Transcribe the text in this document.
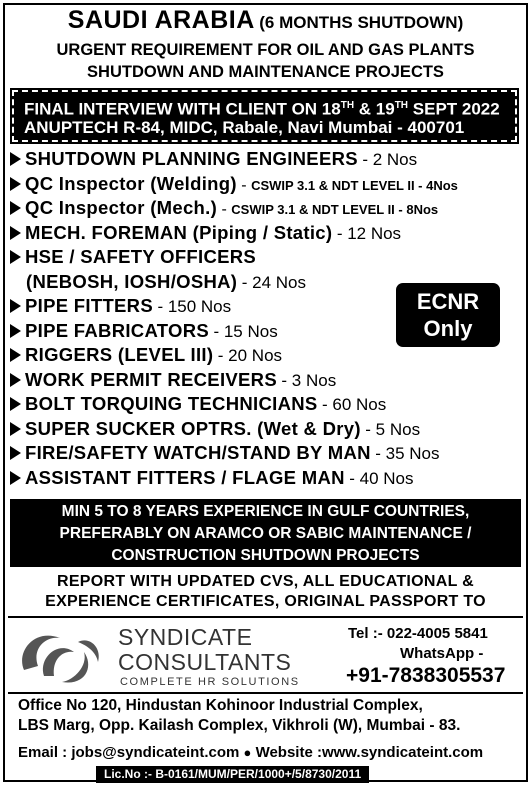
SAUDI ARABIA (6 MONTHS SHUTDOWN)
URGENT REQUIREMENT FOR OIL AND GAS PLANTS
SHUTDOWN AND MAINTENANCE PROJECTS
FINAL INTERVIEW WITH CLIENT ON 18TH & 19TH SEPT 2022
ANUPTECH R-84, MIDC, Rabale, Navi Mumbai - 400701
SHUTDOWN PLANNING ENGINEERS - 2 Nos
QC Inspector (Welding) - CSWIP 3.1 & NDT LEVEL II - 4Nos
QC Inspector (Mech.) - CSWIP 3.1 & NDT LEVEL II - 8Nos
MECH. FOREMAN (Piping / Static) - 12 Nos
HSE / SAFETY OFFICERS
(NEBOSH, IOSH/OSHA) - 24 Nos
PIPE FITTERS - 150 Nos
PIPE FABRICATORS - 15 Nos
RIGGERS (LEVEL III) - 20 Nos
WORK PERMIT RECEIVERS - 3 Nos
BOLT TORQUING TECHNICIANS - 60 Nos
SUPER SUCKER OPTRS. (Wet & Dry) - 5 Nos
FIRE/SAFETY WATCH/STAND BY MAN - 35 Nos
ASSISTANT FITTERS / FLAGE MAN - 40 Nos
ECNR
Only
MIN 5 TO 8 YEARS EXPERIENCE IN GULF COUNTRIES,
PREFERABLY ON ARAMCO OR SABIC MAINTENANCE /
CONSTRUCTION SHUTDOWN PROJECTS
REPORT WITH UPDATED CVS, ALL EDUCATIONAL &
EXPERIENCE CERTIFICATES, ORIGINAL PASSPORT TO
SYNDICATE
CONSULTANTS
COMPLETE HR SOLUTIONS
Tel :- 022-4005 5841
WhatsApp -
+91-7838305537
Office No 120, Hindustan Kohinoor Industrial Complex,
LBS Marg, Opp. Kailash Complex, Vikhroli (W), Mumbai - 83.
Email : jobs@syndicateint.com ● Website :www.syndicateint.com
Lic.No :- B-0161/MUM/PER/1000+/5/8730/2011
